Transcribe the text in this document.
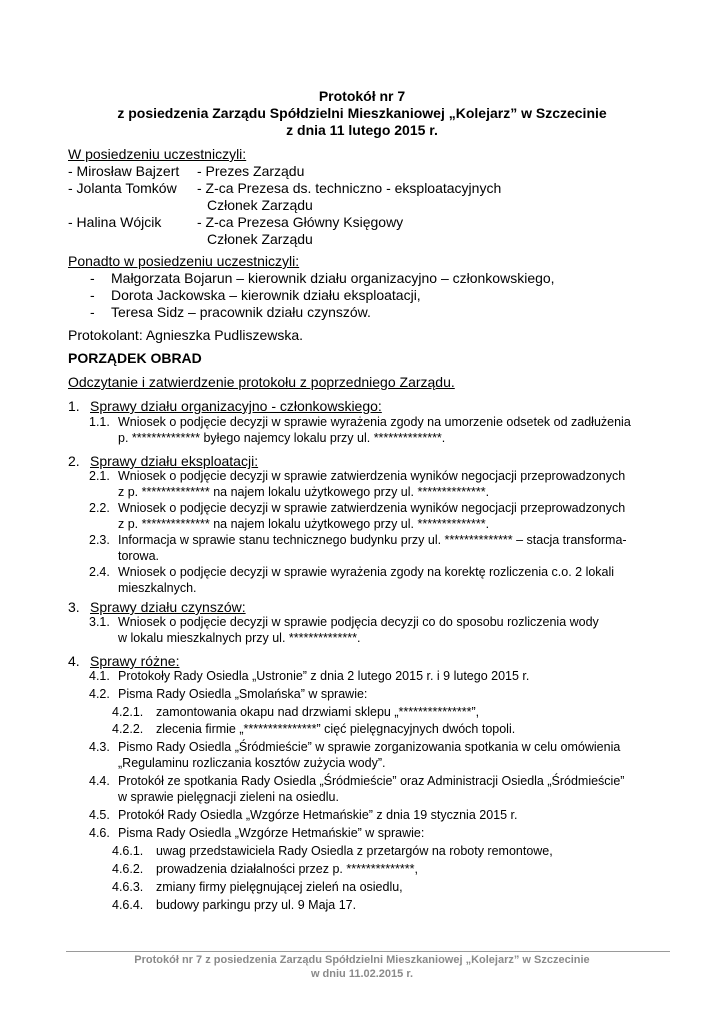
Protokół nr 7
z posiedzenia Zarządu Spółdzielni Mieszkaniowej „Kolejarz” w Szczecinie
z dnia 11 lutego 2015 r.
W posiedzeniu uczestniczyli:
- Mirosław Bajzert - Prezes Zarządu
- Jolanta Tomków - Z-ca Prezesa ds. techniczno - eksploatacyjnych
Członek Zarządu
- Halina Wójcik	- Z-ca Prezesa Główny Księgowy
Członek Zarządu
Ponadto w posiedzeniu uczestniczyli:
- Małgorzata Bojarun – kierownik działu organizacyjno – członkowskiego,
- Dorota Jackowska – kierownik działu eksploatacji,
- Teresa Sidz – pracownik działu czynszów.
Protokolant: Agnieszka Pudliszewska.
PORZĄDEK OBRAD
Odczytanie i zatwierdzenie protokołu z poprzedniego Zarządu.
1. Sprawy działu organizacyjno - członkowskiego:
1.1. Wniosek o podjęcie decyzji w sprawie wyrażenia zgody na umorzenie odsetek od zadłużenia
p. ************** byłego najemcy lokalu przy ul. **************.
2. Sprawy działu eksploatacji:
2.1. Wniosek o podjęcie decyzji w sprawie zatwierdzenia wyników negocjacji przeprowadzonych
z p. ************** na najem lokalu użytkowego przy ul. **************.
2.2. Wniosek o podjęcie decyzji w sprawie zatwierdzenia wyników negocjacji przeprowadzonych
z p. ************** na najem lokalu użytkowego przy ul. **************.
2.3. Informacja w sprawie stanu technicznego budynku przy ul. ************** – stacja transforma-
torowa.
2.4. Wniosek o podjęcie decyzji w sprawie wyrażenia zgody na korektę rozliczenia c.o. 2 lokali
mieszkalnych.
3. Sprawy działu czynszów:
3.1. Wniosek o podjęcie decyzji w sprawie podjęcia decyzji co do sposobu rozliczenia wody
w lokalu mieszkalnych przy ul. **************.
4. Sprawy różne:
4.1. Protokoły Rady Osiedla „Ustronie” z dnia 2 lutego 2015 r. i 9 lutego 2015 r.
4.2. Pisma Rady Osiedla „Smolańska” w sprawie:
4.2.1. zamontowania okapu nad drzwiami sklepu „***************”,
4.2.2. zlecenia firmie „***************” cięć pielęgnacyjnych dwóch topoli.
4.3. Pismo Rady Osiedla „Śródmieście” w sprawie zorganizowania spotkania w celu omówienia
„Regulaminu rozliczania kosztów zużycia wody”.
4.4. Protokół ze spotkania Rady Osiedla „Śródmieście” oraz Administracji Osiedla „Śródmieście”
w sprawie pielęgnacji zieleni na osiedlu.
4.5. Protokół Rady Osiedla „Wzgórze Hetmańskie” z dnia 19 stycznia 2015 r.
4.6. Pisma Rady Osiedla „Wzgórze Hetmańskie” w sprawie:
4.6.1. uwag przedstawiciela Rady Osiedla z przetargów na roboty remontowe,
4.6.2. prowadzenia działalności przez p. **************,
4.6.3. zmiany firmy pielęgnującej zieleń na osiedlu,
4.6.4. budowy parkingu przy ul. 9 Maja 17.
Protokół nr 7 z posiedzenia Zarządu Spółdzielni Mieszkaniowej „Kolejarz” w Szczecinie
w dniu 11.02.2015 r.
